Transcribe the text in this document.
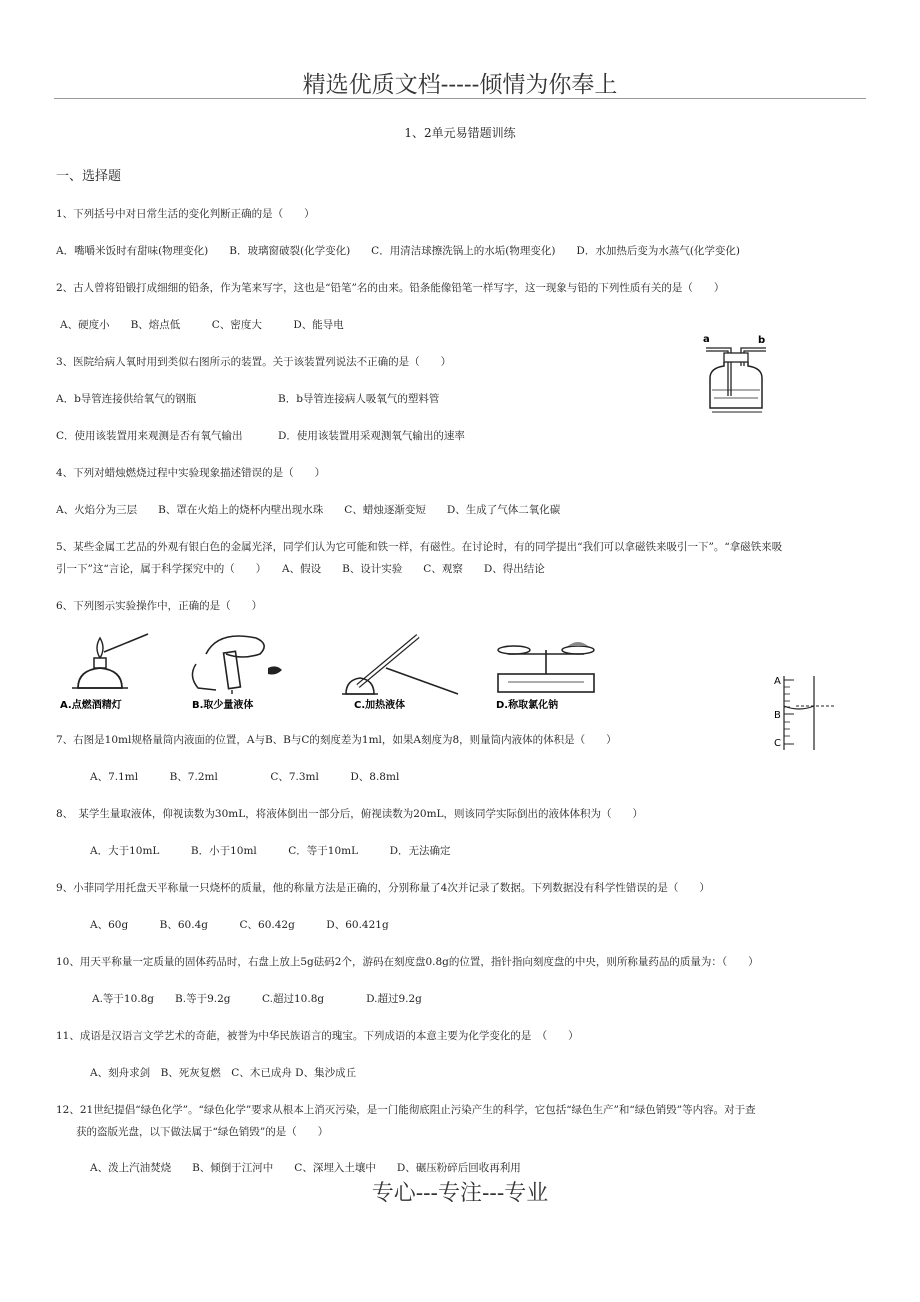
精选优质文档-----倾情为你奉上
1、2单元易错题训练
一、选择题
1、下列括号中对日常生活的变化判断正确的是（　　）
A．嘴嚼米饭时有甜味(物理变化)　　B．玻璃窗破裂(化学变化)　　C．用清洁球擦洗锅上的水垢(物理变化)　　D．水加热后变为水蒸气(化学变化)
2、古人曾将铅锻打成细细的铅条，作为笔来写字，这也是“铅笔”名的由来。铅条能像铅笔一样写字，这一现象与铅的下列性质有关的是（　　）
A、硬度小　　B、熔点低　　　C、密度大　　　D、能导电
3、医院给病人氧时用到类似右图所示的装置。关于该装置列说法不正确的是（　　）
A．b导管连接供给氧气的钢瓶	B．b导管连接病人吸氧气的塑料管
C．使用该装置用来观测是否有氧气输出	D．使用该装置用采观测氧气输出的速率
a	b
4、下列对蜡烛燃烧过程中实验现象描述错误的是（　　）
A、火焰分为三层　　B、罩在火焰上的烧杯内壁出现水珠　　C、蜡烛逐渐变短　　D、生成了气体二氧化碳
5、某些金属工艺品的外观有银白色的金属光泽，同学们认为它可能和铁一样，有磁性。在讨论时，有的同学提出“我们可以拿磁铁来吸引一下”。“拿磁铁来吸
引一下”这“言论，属于科学探究中的（　　）　　A、假设　　B、设计实验　　C、观察　　D、得出结论
6、下列图示实验操作中，正确的是（　　）
A.点燃酒精灯	B.取少量液体	C.加热液体	D.称取氯化钠
A
B
C
7、右图是10ml规格量筒内液面的位置，A与B、B与C的刻度差为1ml，如果A刻度为8，则量筒内液体的体积是（　　）
A、7.1ml　　　B、7.2ml　　　　　C、7.3ml　　　D、8.8ml
8、　某学生量取液体，仰视读数为30mL，将液体倒出一部分后，俯视读数为20mL，则该同学实际倒出的液体体积为（　　）
A．大于10mL　　　B．小于10ml　　　C．等于10mL　　　D．无法确定
9、小菲同学用托盘天平称量一只烧杯的质量，他的称量方法是正确的，分别称量了4次并记录了数据。下列数据没有科学性错误的是（　　）
A、60g　　　B、60.4g　　　C、60.42g　　　D、60.421g
10、用天平称量一定质量的固体药品时，右盘上放上5g砝码2个，游码在刻度盘0.8g的位置，指针指向刻度盘的中央，则所称量药品的质量为：（　　）
A.等于10.8g　　B.等于9.2g　　　C.超过10.8g　　　　D.超过9.2g
11、成语是汉语言文学艺术的奇葩，被誉为中华民族语言的瑰宝。下列成语的本意主要为化学变化的是　（　　）
A、刻舟求剑　B、死灰复燃　C、木已成舟 D、集沙成丘
12、21世纪提倡“绿色化学”。“绿色化学”要求从根本上消灭污染，是一门能彻底阻止污染产生的科学，它包括“绿色生产”和“绿色销毁”等内容。对于查
获的盗版光盘，以下做法属于“绿色销毁”的是（　　）
A、泼上汽油焚烧　　B、倾倒于江河中　　C、深埋入土壤中　　D、碾压粉碎后回收再利用
专心---专注---专业
